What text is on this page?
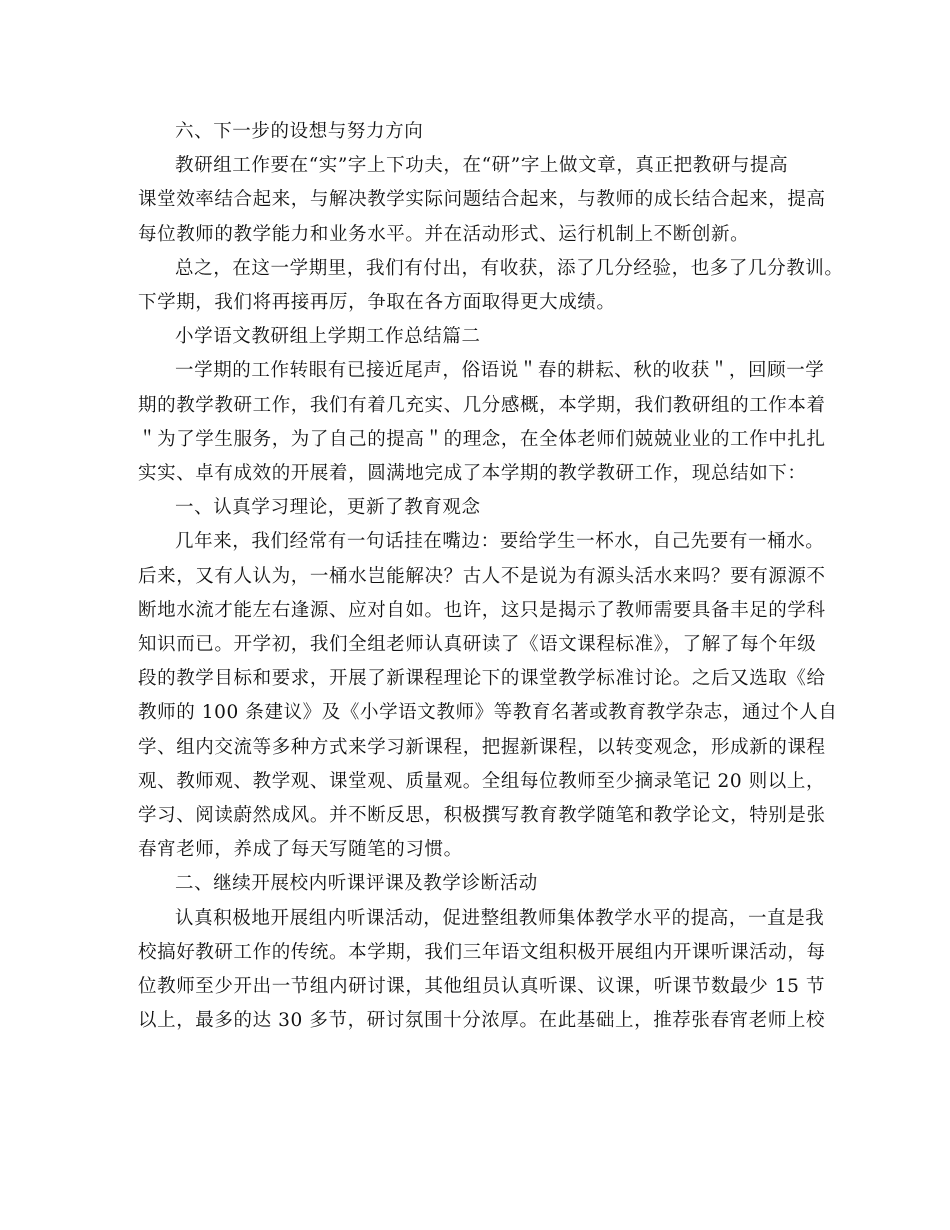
六、下一步的设想与努力方向
教研组工作要在“实”字上下功夫，在“研”字上做文章，真正把教研与提高
课堂效率结合起来，与解决教学实际问题结合起来，与教师的成长结合起来，提高
每位教师的教学能力和业务水平。并在活动形式、运行机制上不断创新。
总之，在这一学期里，我们有付出，有收获，添了几分经验，也多了几分教训。
下学期，我们将再接再厉，争取在各方面取得更大成绩。
小学语文教研组上学期工作总结篇二
一学期的工作转眼有已接近尾声，俗语说＂春的耕耘、秋的收获＂，回顾一学
期的教学教研工作，我们有着几充实、几分感概，本学期，我们教研组的工作本着
＂为了学生服务，为了自己的提高＂的理念，在全体老师们兢兢业业的工作中扎扎
实实、卓有成效的开展着，圆满地完成了本学期的教学教研工作，现总结如下：
一、认真学习理论，更新了教育观念
几年来，我们经常有一句话挂在嘴边：要给学生一杯水，自己先要有一桶水。
后来，又有人认为，一桶水岂能解决？古人不是说为有源头活水来吗？要有源源不
断地水流才能左右逢源、应对自如。也许，这只是揭示了教师需要具备丰足的学科
知识而已。开学初，我们全组老师认真研读了《语文课程标准》，了解了每个年级
段的教学目标和要求，开展了新课程理论下的课堂教学标准讨论。之后又选取《给
教师的 100 条建议》及《小学语文教师》等教育名著或教育教学杂志，通过个人自
学、组内交流等多种方式来学习新课程，把握新课程，以转变观念，形成新的课程
观、教师观、教学观、课堂观、质量观。全组每位教师至少摘录笔记 20 则以上，
学习、阅读蔚然成风。并不断反思，积极撰写教育教学随笔和教学论文，特别是张
春宵老师，养成了每天写随笔的习惯。
二、继续开展校内听课评课及教学诊断活动
认真积极地开展组内听课活动，促进整组教师集体教学水平的提高，一直是我
校搞好教研工作的传统。本学期，我们三年语文组积极开展组内开课听课活动，每
位教师至少开出一节组内研讨课，其他组员认真听课、议课，听课节数最少 15 节
以上，最多的达 30 多节，研讨氛围十分浓厚。在此基础上，推荐张春宵老师上校
